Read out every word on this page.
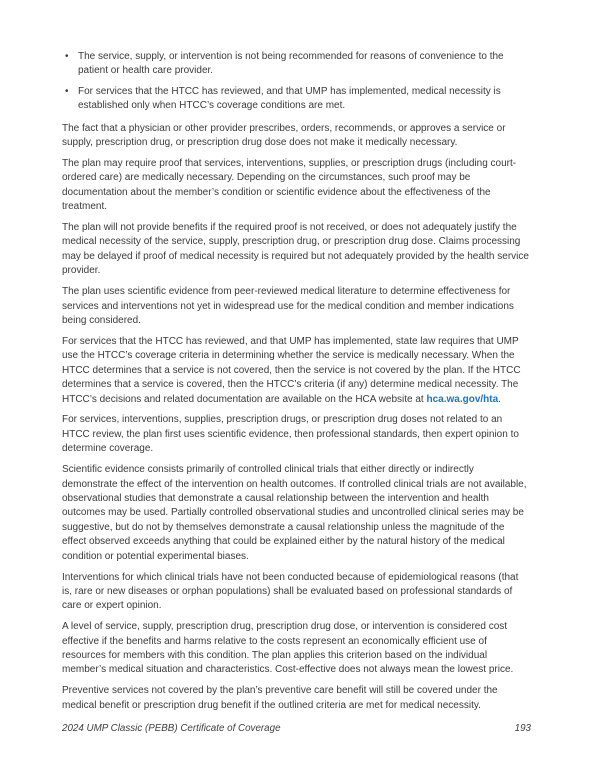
• The service, supply, or intervention is not being recommended for reasons of convenience to the patient or health care provider.
• For services that the HTCC has reviewed, and that UMP has implemented, medical necessity is established only when HTCC’s coverage conditions are met.

The fact that a physician or other provider prescribes, orders, recommends, or approves a service or supply, prescription drug, or prescription drug dose does not make it medically necessary.

The plan may require proof that services, interventions, supplies, or prescription drugs (including court-ordered care) are medically necessary. Depending on the circumstances, such proof may be documentation about the member’s condition or scientific evidence about the effectiveness of the treatment.

The plan will not provide benefits if the required proof is not received, or does not adequately justify the medical necessity of the service, supply, prescription drug, or prescription drug dose. Claims processing may be delayed if proof of medical necessity is required but not adequately provided by the health service provider.

The plan uses scientific evidence from peer-reviewed medical literature to determine effectiveness for services and interventions not yet in widespread use for the medical condition and member indications being considered.

For services that the HTCC has reviewed, and that UMP has implemented, state law requires that UMP use the HTCC’s coverage criteria in determining whether the service is medically necessary. When the HTCC determines that a service is not covered, then the service is not covered by the plan. If the HTCC determines that a service is covered, then the HTCC’s criteria (if any) determine medical necessity. The HTCC’s decisions and related documentation are available on the HCA website at hca.wa.gov/hta.

For services, interventions, supplies, prescription drugs, or prescription drug doses not related to an HTCC review, the plan first uses scientific evidence, then professional standards, then expert opinion to determine coverage.

Scientific evidence consists primarily of controlled clinical trials that either directly or indirectly demonstrate the effect of the intervention on health outcomes. If controlled clinical trials are not available, observational studies that demonstrate a causal relationship between the intervention and health outcomes may be used. Partially controlled observational studies and uncontrolled clinical series may be suggestive, but do not by themselves demonstrate a causal relationship unless the magnitude of the effect observed exceeds anything that could be explained either by the natural history of the medical condition or potential experimental biases.

Interventions for which clinical trials have not been conducted because of epidemiological reasons (that is, rare or new diseases or orphan populations) shall be evaluated based on professional standards of care or expert opinion.

A level of service, supply, prescription drug, prescription drug dose, or intervention is considered cost effective if the benefits and harms relative to the costs represent an economically efficient use of resources for members with this condition. The plan applies this criterion based on the individual member’s medical situation and characteristics. Cost-effective does not always mean the lowest price.

Preventive services not covered by the plan’s preventive care benefit will still be covered under the medical benefit or prescription drug benefit if the outlined criteria are met for medical necessity.

2024 UMP Classic (PEBB) Certificate of Coverage	193
